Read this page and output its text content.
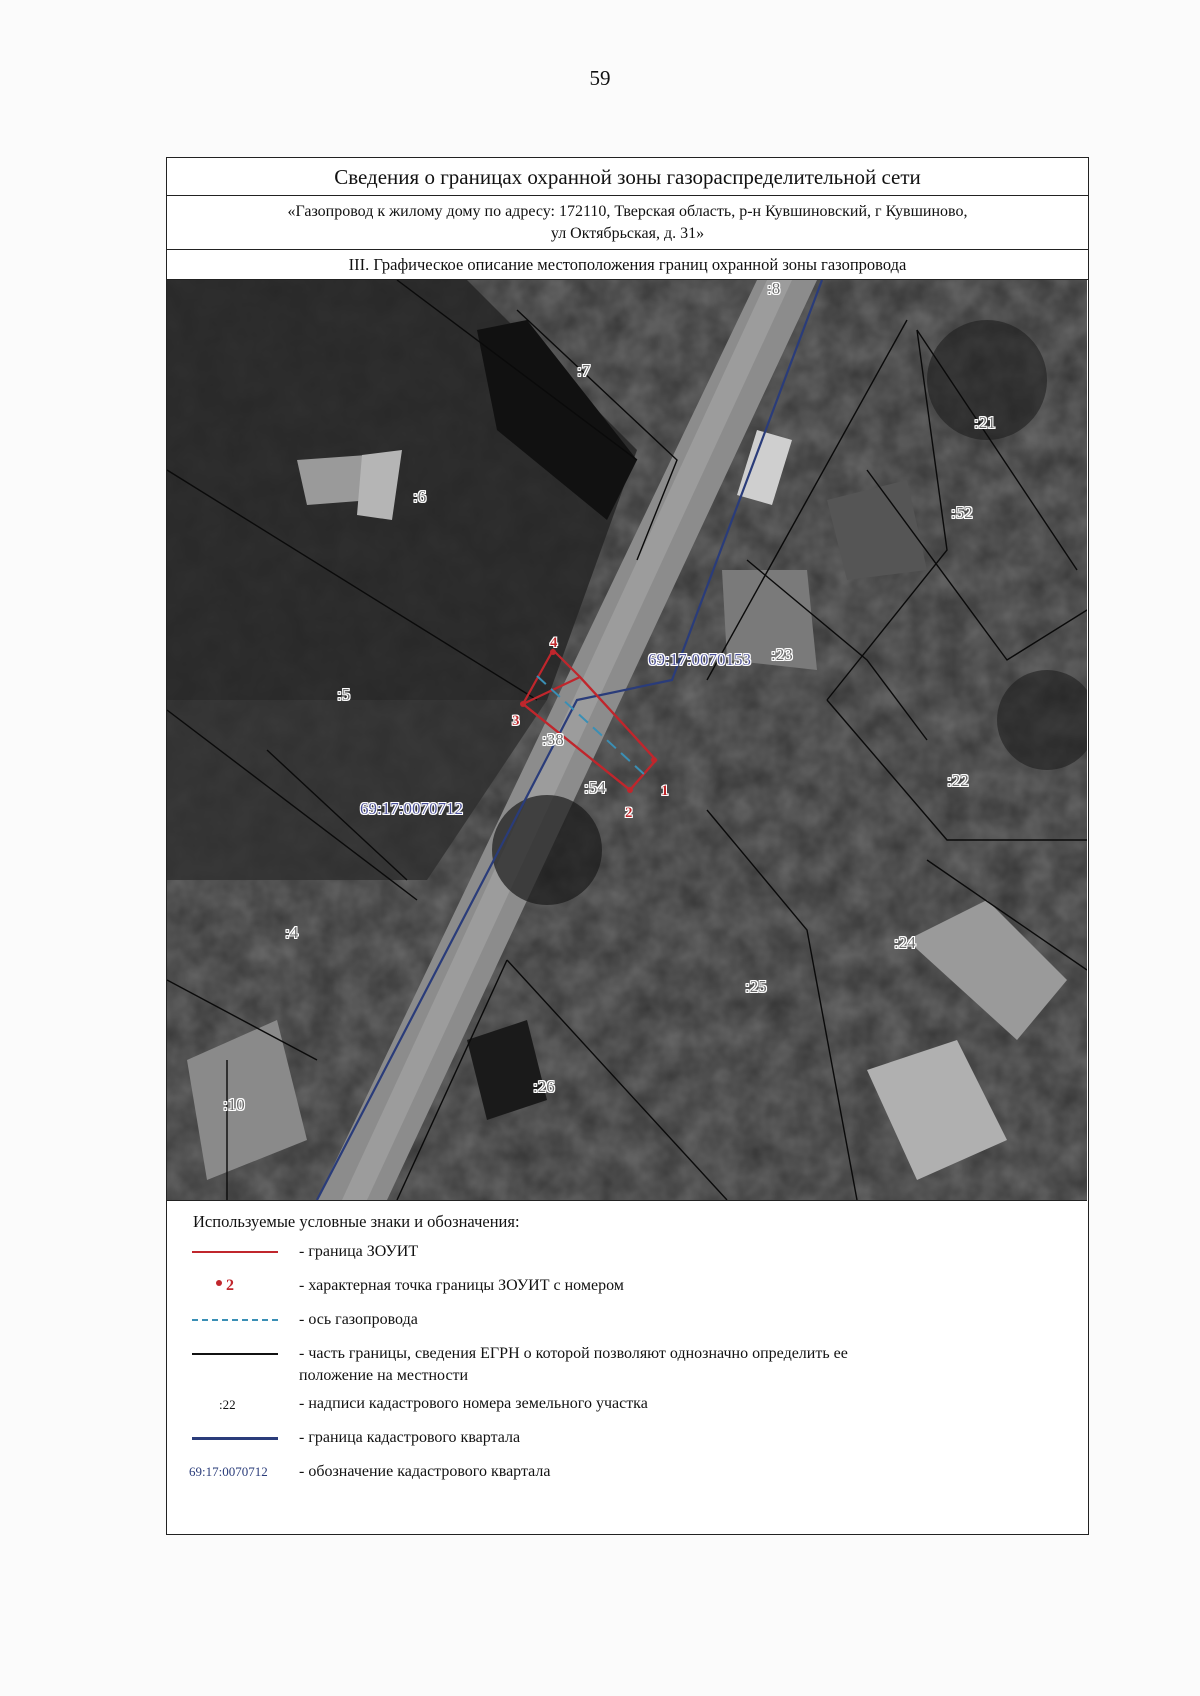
59
Сведения о границах охранной зоны газораспределительной сети
«Газопровод к жилому дому по адресу: 172110, Тверская область, р-н Кувшиновский, г Кувшиново,
ул Октябрьская, д. 31»
III. Графическое описание местоположения границ охранной зоны газопровода
1
2
3
4
69:17:0070153
69:17:0070712
:8
:7
:21
:6
:52
:23
:5
:38
:54	:22
:24
:4
:25
:26
:10
Используемые условные знаки и обозначения:
- граница ЗОУИТ
2	- характерная точка границы ЗОУИТ с номером
- ось газопровода
- часть границы, сведения ЕГРН о которой позволяют однозначно определить ее
положение на местности
:22	- надписи кадастрового номера земельного участка
- граница кадастрового квартала
69:17:0070712 - обозначение кадастрового квартала
